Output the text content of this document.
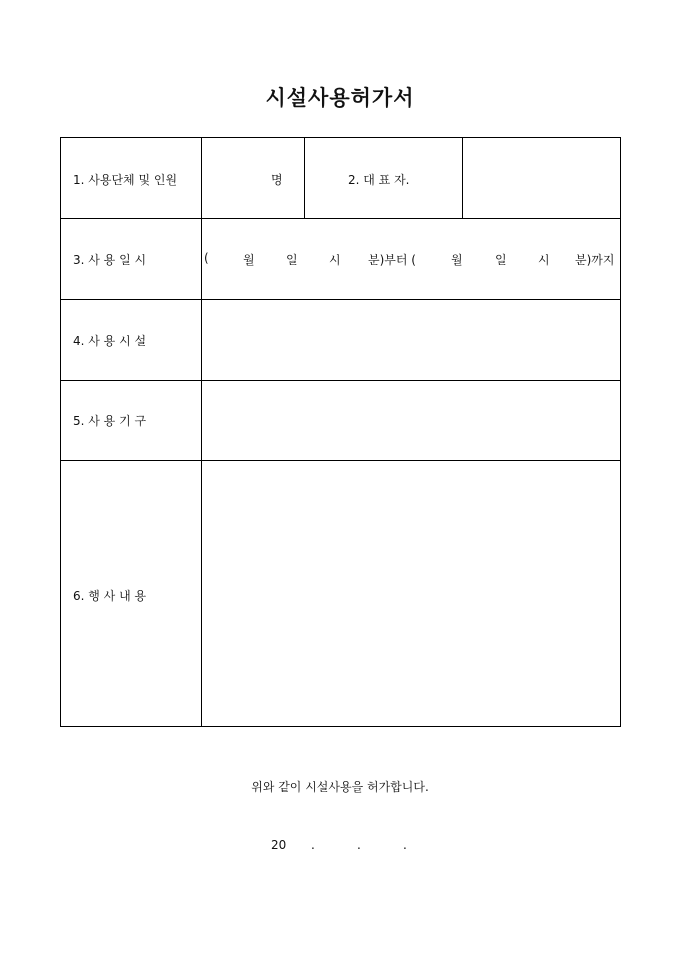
시설사용허가서
1. 사용단체 및 인원	명	2. 대 표 자.
3. 사 용 일 시	(	월	일	시 분)부터 (	월	일	시 분)까지
4. 사 용 시 설
5. 사 용 기 구
6. 행 사 내 용
위와 같이 시설사용을 허가합니다.
20 .	.	.
